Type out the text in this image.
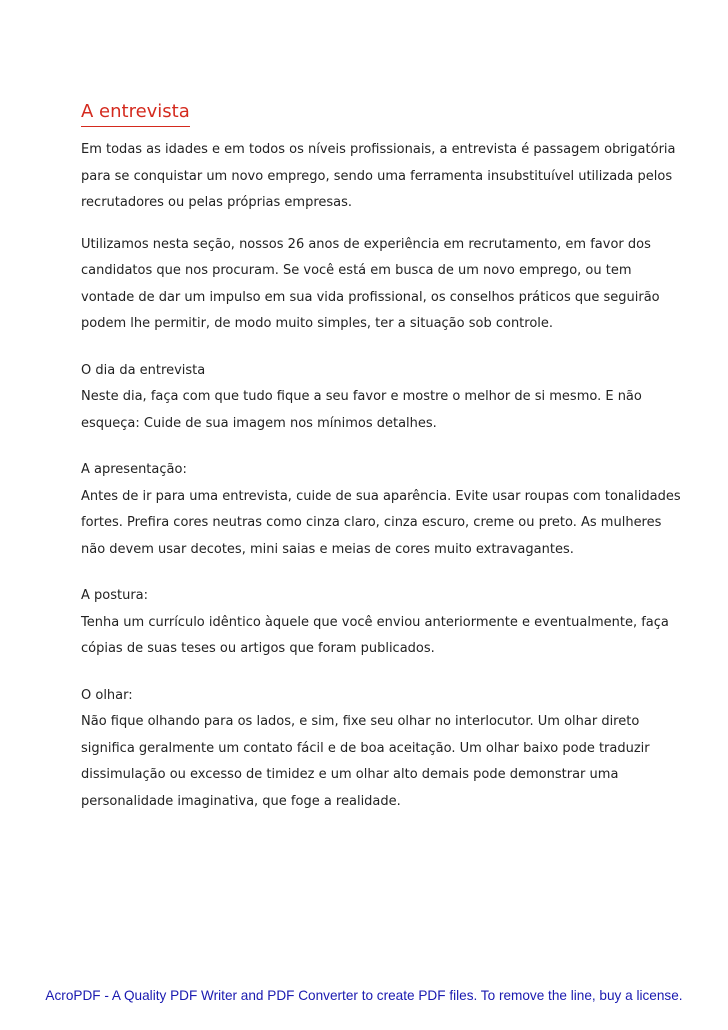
A entrevista

Em todas as idades e em todos os níveis profissionais, a entrevista é passagem obrigatória para se conquistar um novo emprego, sendo uma ferramenta insubstituível utilizada pelos recrutadores ou pelas próprias empresas.

Utilizamos nesta seção, nossos 26 anos de experiência em recrutamento, em favor dos candidatos que nos procuram. Se você está em busca de um novo emprego, ou tem vontade de dar um impulso em sua vida profissional, os conselhos práticos que seguirão podem lhe permitir, de modo muito simples, ter a situação sob controle.

O dia da entrevista

Neste dia, faça com que tudo fique a seu favor e mostre o melhor de si mesmo. E não esqueça: Cuide de sua imagem nos mínimos detalhes.

A apresentação:

Antes de ir para uma entrevista, cuide de sua aparência. Evite usar roupas com tonalidades fortes. Prefira cores neutras como cinza claro, cinza escuro, creme ou preto. As mulheres não devem usar decotes, mini saias e meias de cores muito extravagantes.

A postura:

Tenha um currículo idêntico àquele que você enviou anteriormente e eventualmente, faça cópias de suas teses ou artigos que foram publicados.

O olhar:

Não fique olhando para os lados, e sim, fixe seu olhar no interlocutor. Um olhar direto significa geralmente um contato fácil e de boa aceitação. Um olhar baixo pode traduzir dissimulação ou excesso de timidez e um olhar alto demais pode demonstrar uma personalidade imaginativa, que foge a realidade.

AcroPDF - A Quality PDF Writer and PDF Converter to create PDF files. To remove the line, buy a license.
